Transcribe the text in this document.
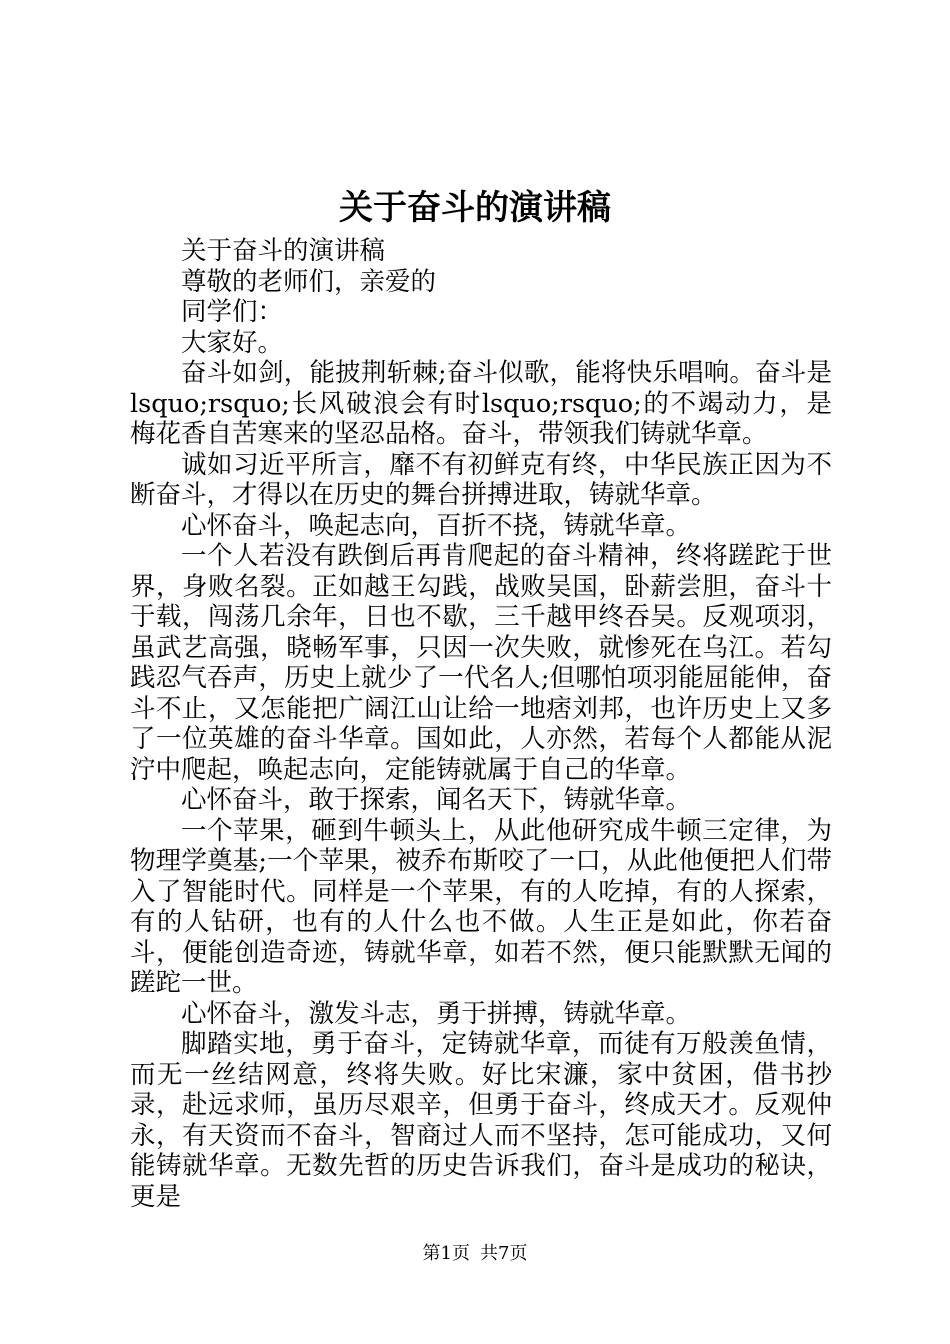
关于奋斗的演讲稿

关于奋斗的演讲稿

尊敬的老师们，亲爱的

同学们：

大家好。

奋斗如剑，能披荆斩棘;奋斗似歌，能将快乐唱响。奋斗是lsquo;rsquo;长风破浪会有时lsquo;rsquo;的不竭动力，是梅花香自苦寒来的坚忍品格。奋斗，带领我们铸就华章。

诚如习近平所言，靡不有初鲜克有终，中华民族正因为不断奋斗，才得以在历史的舞台拼搏进取，铸就华章。

心怀奋斗，唤起志向，百折不挠，铸就华章。

一个人若没有跌倒后再肯爬起的奋斗精神，终将蹉跎于世界，身败名裂。正如越王勾践，战败吴国，卧薪尝胆，奋斗十于载，闯荡几余年，日也不歇，三千越甲终吞吴。反观项羽，虽武艺高强，晓畅军事，只因一次失败，就惨死在乌江。若勾践忍气吞声，历史上就少了一代名人;但哪怕项羽能屈能伸，奋斗不止，又怎能把广阔江山让给一地痞刘邦，也许历史上又多了一位英雄的奋斗华章。国如此，人亦然，若每个人都能从泥泞中爬起，唤起志向，定能铸就属于自己的华章。

心怀奋斗，敢于探索，闻名天下，铸就华章。

一个苹果，砸到牛顿头上，从此他研究成牛顿三定律，为物理学奠基;一个苹果，被乔布斯咬了一口，从此他便把人们带入了智能时代。同样是一个苹果，有的人吃掉，有的人探索，有的人钻研，也有的人什么也不做。人生正是如此，你若奋斗，便能创造奇迹，铸就华章，如若不然，便只能默默无闻的蹉跎一世。

心怀奋斗，激发斗志，勇于拼搏，铸就华章。

脚踏实地，勇于奋斗，定铸就华章，而徒有万般羡鱼情，而无一丝结网意，终将失败。好比宋濂，家中贫困，借书抄录，赴远求师，虽历尽艰辛，但勇于奋斗，终成天才。反观仲永，有天资而不奋斗，智商过人而不坚持，怎可能成功，又何能铸就华章。无数先哲的历史告诉我们，奋斗是成功的秘诀，更是

第1页 共7页
